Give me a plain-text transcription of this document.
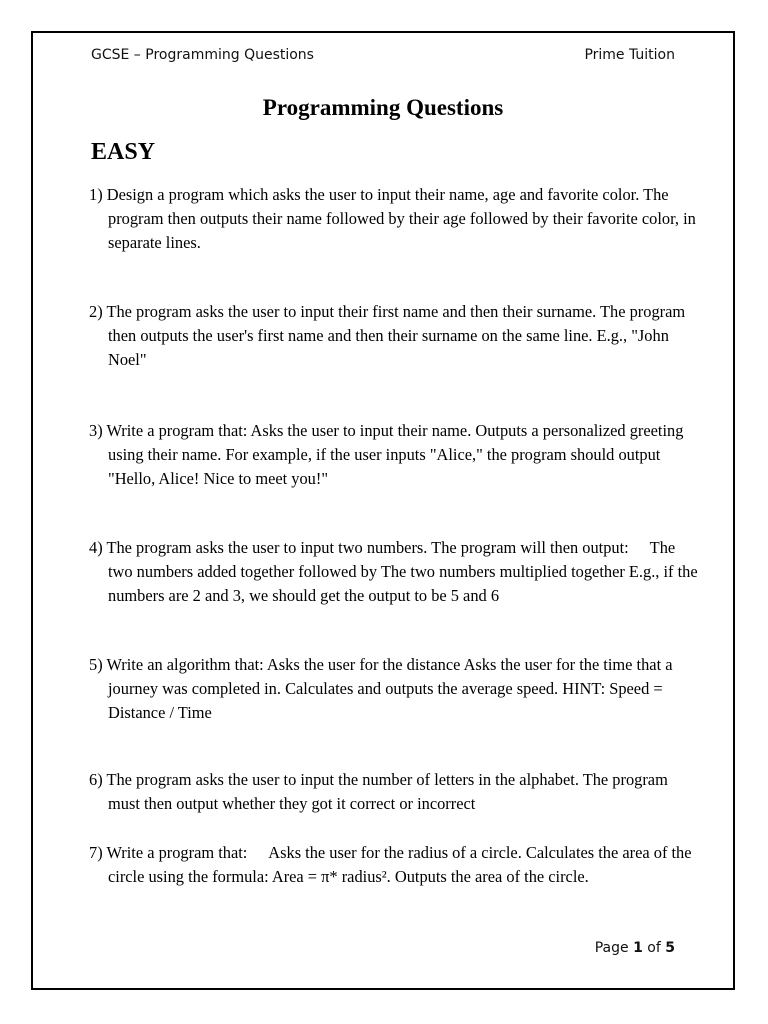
GCSE – Programming Questions	Prime Tuition
Programming Questions
EASY
1) Design a program which asks the user to input their name, age and favorite color. The program then outputs their name followed by their age followed by their favorite color, in separate lines.
2) The program asks the user to input their first name and then their surname. The program then outputs the user's first name and then their surname on the same line. E.g., "John Noel"
3) Write a program that: Asks the user to input their name. Outputs a personalized greeting using their name. For example, if the user inputs "Alice," the program should output "Hello, Alice! Nice to meet you!"
4) The program asks the user to input two numbers. The program will then output: The two numbers added together followed by The two numbers multiplied together E.g., if the numbers are 2 and 3, we should get the output to be 5 and 6
5) Write an algorithm that: Asks the user for the distance Asks the user for the time that a journey was completed in. Calculates and outputs the average speed. HINT: Speed = Distance / Time
6) The program asks the user to input the number of letters in the alphabet. The program must then output whether they got it correct or incorrect
7) Write a program that: Asks the user for the radius of a circle. Calculates the area of the circle using the formula: Area = π* radius². Outputs the area of the circle.
Page 1 of 5
